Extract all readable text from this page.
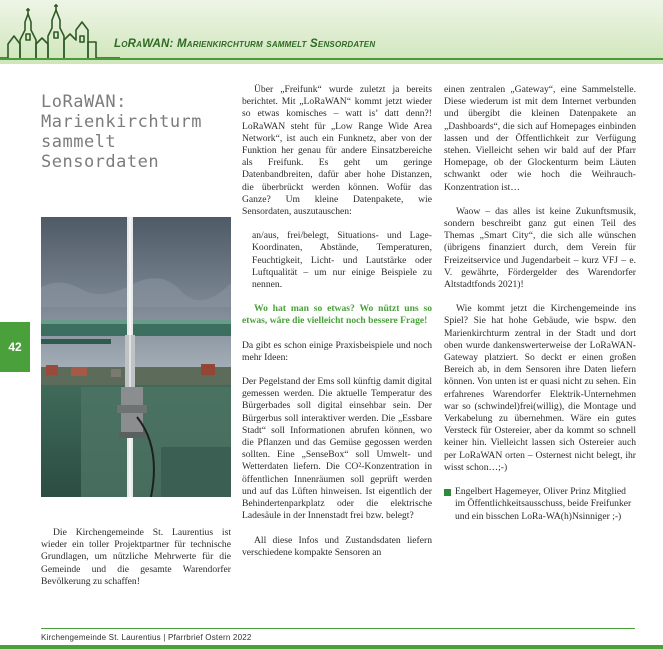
LoRaWAN: Marienkirchturm sammelt Sensordaten
LoRaWAN: Marienkirchturm sammelt Sensordaten
42

Die Kirchengemeinde St. Laurentius ist wieder ein toller Projektpartner für technische Grundlagen, um nützliche Mehrwerte für die Gemeinde und die gesamte Warendorfer Bevölkerung zu schaffen!

Über „Freifunk“ wurde zuletzt ja bereits berichtet. Mit „LoRaWAN“ kommt jetzt wieder so etwas komisches – watt is’ datt denn?! LoRaWAN steht für „Low Range Wide Area Network“, ist auch ein Funknetz, aber von der Funktion her genau für andere Einsatzbereiche als Freifunk. Es geht um geringe Datenbandbreiten, dafür aber hohe Distanzen, die überbrückt werden können. Wofür das Ganze? Um kleine Datenpakete, wie Sensordaten, auszutauschen:

an/aus, frei/belegt, Situations- und Lage-Koordinaten, Abstände, Temperaturen, Feuchtigkeit, Licht- und Lautstärke oder Luftqualität – um nur einige Beispiele zu nennen.

Wo hat man so etwas? Wo nützt uns so etwas, wäre die vielleicht noch bessere Frage!

Da gibt es schon einige Praxisbeispiele und noch mehr Ideen:

Der Pegelstand der Ems soll künftig damit digital gemessen werden. Die aktuelle Temperatur des Bürgerbades soll digital einsehbar sein. Der Bürgerbus soll interaktiver werden. Die „Essbare Stadt“ soll Informationen abrufen können, wo die Pflanzen und das Gemüse gegossen werden sollten. Eine „SenseBox“ soll Umwelt- und Wetterdaten liefern. Die CO²-Konzentration in öffentlichen Innenräumen soll geprüft werden und auf das Lüften hinweisen. Ist eigentlich der Behindertenparkplatz oder die elektrische Ladesäule in der Innenstadt frei bzw. belegt?

All diese Infos und Zustandsdaten liefern verschiedene kompakte Sensoren an

einen zentralen „Gateway“, eine Sammelstelle. Diese wiederum ist mit dem Internet verbunden und übergibt die kleinen Datenpakete an „Dashboards“, die sich auf Homepages einbinden lassen und der Öffentlichkeit zur Verfügung stehen. Vielleicht sehen wir bald auf der Pfarr Homepage, ob der Glockenturm beim Läuten schwankt oder wie hoch die Weihrauch-Konzentration ist…

Waow – das alles ist keine Zukunftsmusik, sondern beschreibt ganz gut einen Teil des Themas „Smart City“, die sich alle wünschen (übrigens finanziert durch, dem Verein für Freizeitservice und Jugendarbeit – kurz VFJ – e. V. gewährte, Fördergelder des Warendorfer Altstadtfonds 2021)!

Wie kommt jetzt die Kirchengemeinde ins Spiel? Sie hat hohe Gebäude, wie bspw. den Marienkirchturm zentral in der Stadt und dort oben wurde dankenswerterweise der LoRaWAN-Gateway platziert. So deckt er einen großen Bereich ab, in dem Sensoren ihre Daten liefern können. Von unten ist er quasi nicht zu sehen. Ein erfahrenes Warendorfer Elektrik-Unternehmen war so (schwindel)frei(willig), die Montage und Verkabelung zu übernehmen. Wäre ein gutes Versteck für Ostereier, aber da kommt so schnell keiner hin. Vielleicht lassen sich Ostereier auch per LoRaWAN orten – Osternest nicht belegt, ihr wisst schon…;-)

Engelbert Hagemeyer, Oliver Prinz Mitglied im Öffentlichkeitsausschuss, beide Freifunker und ein bisschen LoRa-WA(h)Nsinniger ;-)
Kirchengemeinde St. Laurentius | Pfarrbrief Ostern 2022
